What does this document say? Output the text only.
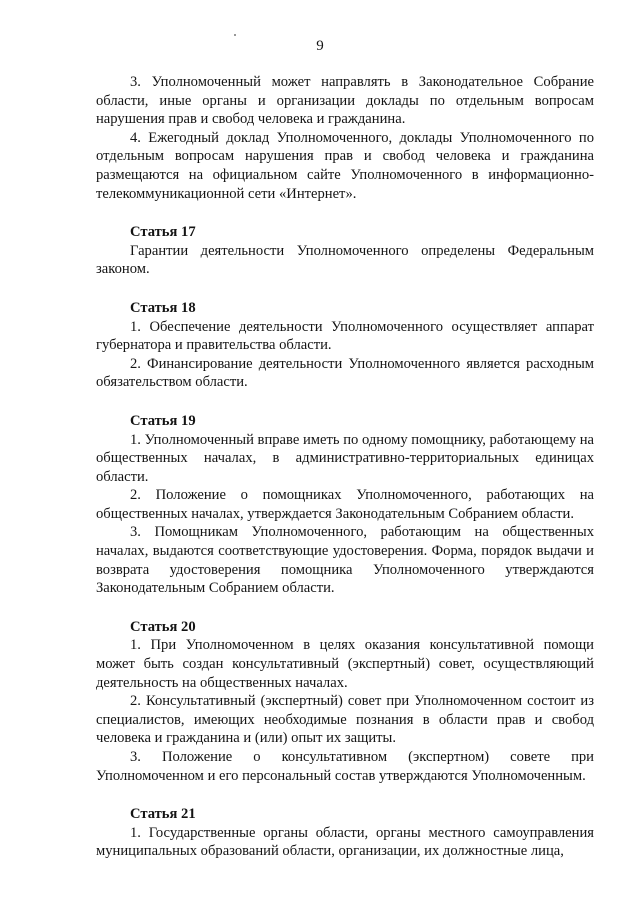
9

3. Уполномоченный может направлять в Законодательное Собрание области, иные органы и организации доклады по отдельным вопросам нарушения прав и свобод человека и гражданина.

4. Ежегодный доклад Уполномоченного, доклады Уполномоченного по отдельным вопросам нарушения прав и свобод человека и гражданина размещаются на официальном сайте Уполномоченного в информационно-телекоммуникационной сети «Интернет».

Статья 17

Гарантии деятельности Уполномоченного определены Федеральным законом.

Статья 18

1. Обеспечение деятельности Уполномоченного осуществляет аппарат губернатора и правительства области.

2. Финансирование деятельности Уполномоченного является расходным обязательством области.

Статья 19

1. Уполномоченный вправе иметь по одному помощнику, работающему на общественных началах, в административно-территориальных единицах области.

2. Положение о помощниках Уполномоченного, работающих на общественных началах, утверждается Законодательным Собранием области.

3. Помощникам Уполномоченного, работающим на общественных началах, выдаются соответствующие удостоверения. Форма, порядок выдачи и возврата удостоверения помощника Уполномоченного утверждаются Законодательным Собранием области.

Статья 20

1. При Уполномоченном в целях оказания консультативной помощи может быть создан консультативный (экспертный) совет, осуществляющий деятельность на общественных началах.

2. Консультативный (экспертный) совет при Уполномоченном состоит из специалистов, имеющих необходимые познания в области прав и свобод человека и гражданина и (или) опыт их защиты.

3. Положение о консультативном (экспертном) совете при Уполномоченном и его персональный состав утверждаются Уполномоченным.

Статья 21

1. Государственные органы области, органы местного самоуправления муниципальных образований области, организации, их должностные лица,
